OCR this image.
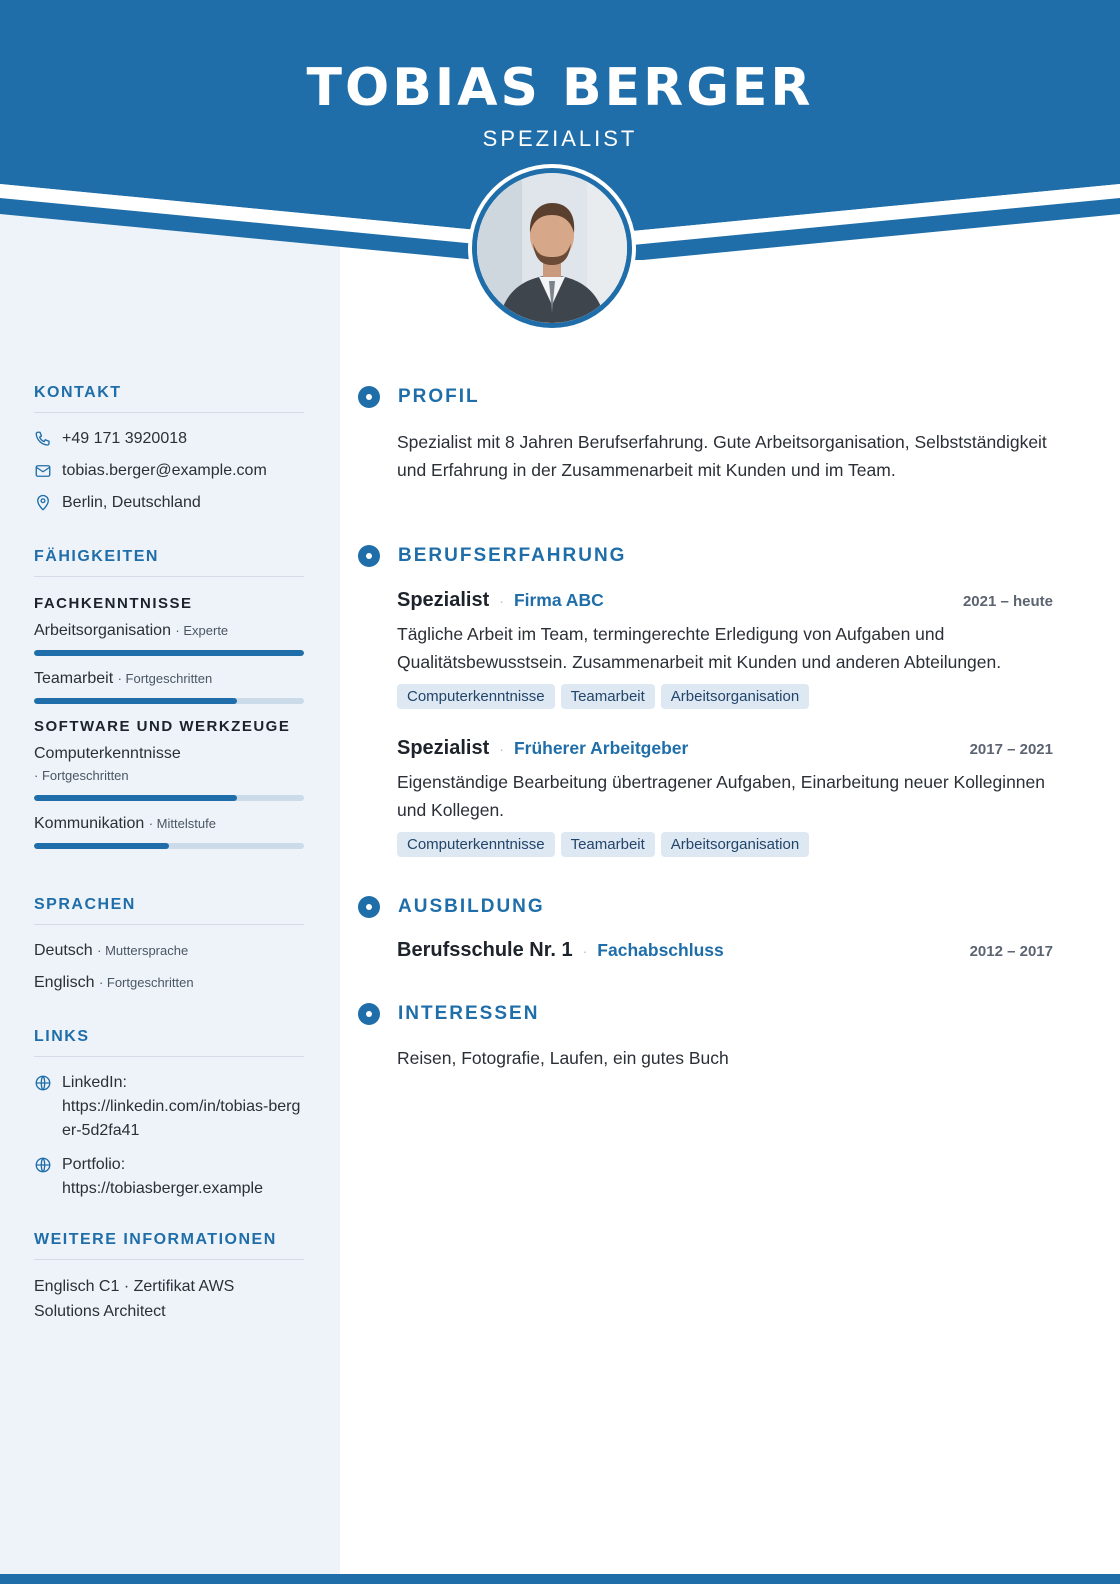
TOBIAS BERGER
SPEZIALIST
KONTAKT
+49 171 3920018
tobias.berger@example.com
Berlin, Deutschland
FÄHIGKEITEN
FACHKENNTNISSE
Arbeitsorganisation · Experte
Teamarbeit · Fortgeschritten
SOFTWARE UND WERKZEUGE
Computerkenntnisse
· Fortgeschritten
Kommunikation · Mittelstufe
SPRACHEN
Deutsch · Muttersprache
Englisch · Fortgeschritten
LINKS
LinkedIn:
https://linkedin.com/in/tobias-berger-5d2fa41
Portfolio:
https://tobiasberger.example
WEITERE INFORMATIONEN
Englisch C1 · Zertifikat AWS Solutions Architect
PROFIL
Spezialist mit 8 Jahren Berufserfahrung. Gute Arbeitsorganisation, Selbstständigkeit und Erfahrung in der Zusammenarbeit mit Kunden und im Team.
BERUFSERFAHRUNG
Spezialist · Firma ABC	2021 – heute
Tägliche Arbeit im Team, termingerechte Erledigung von Aufgaben und Qualitätsbewusstsein. Zusammenarbeit mit Kunden und anderen Abteilungen.
Computerkenntnisse	Teamarbeit	Arbeitsorganisation
Spezialist · Früherer Arbeitgeber	2017 – 2021
Eigenständige Bearbeitung übertragener Aufgaben, Einarbeitung neuer Kolleginnen und Kollegen.
Computerkenntnisse	Teamarbeit	Arbeitsorganisation
AUSBILDUNG
Berufsschule Nr. 1 · Fachabschluss	2012 – 2017
INTERESSEN
Reisen, Fotografie, Laufen, ein gutes Buch
